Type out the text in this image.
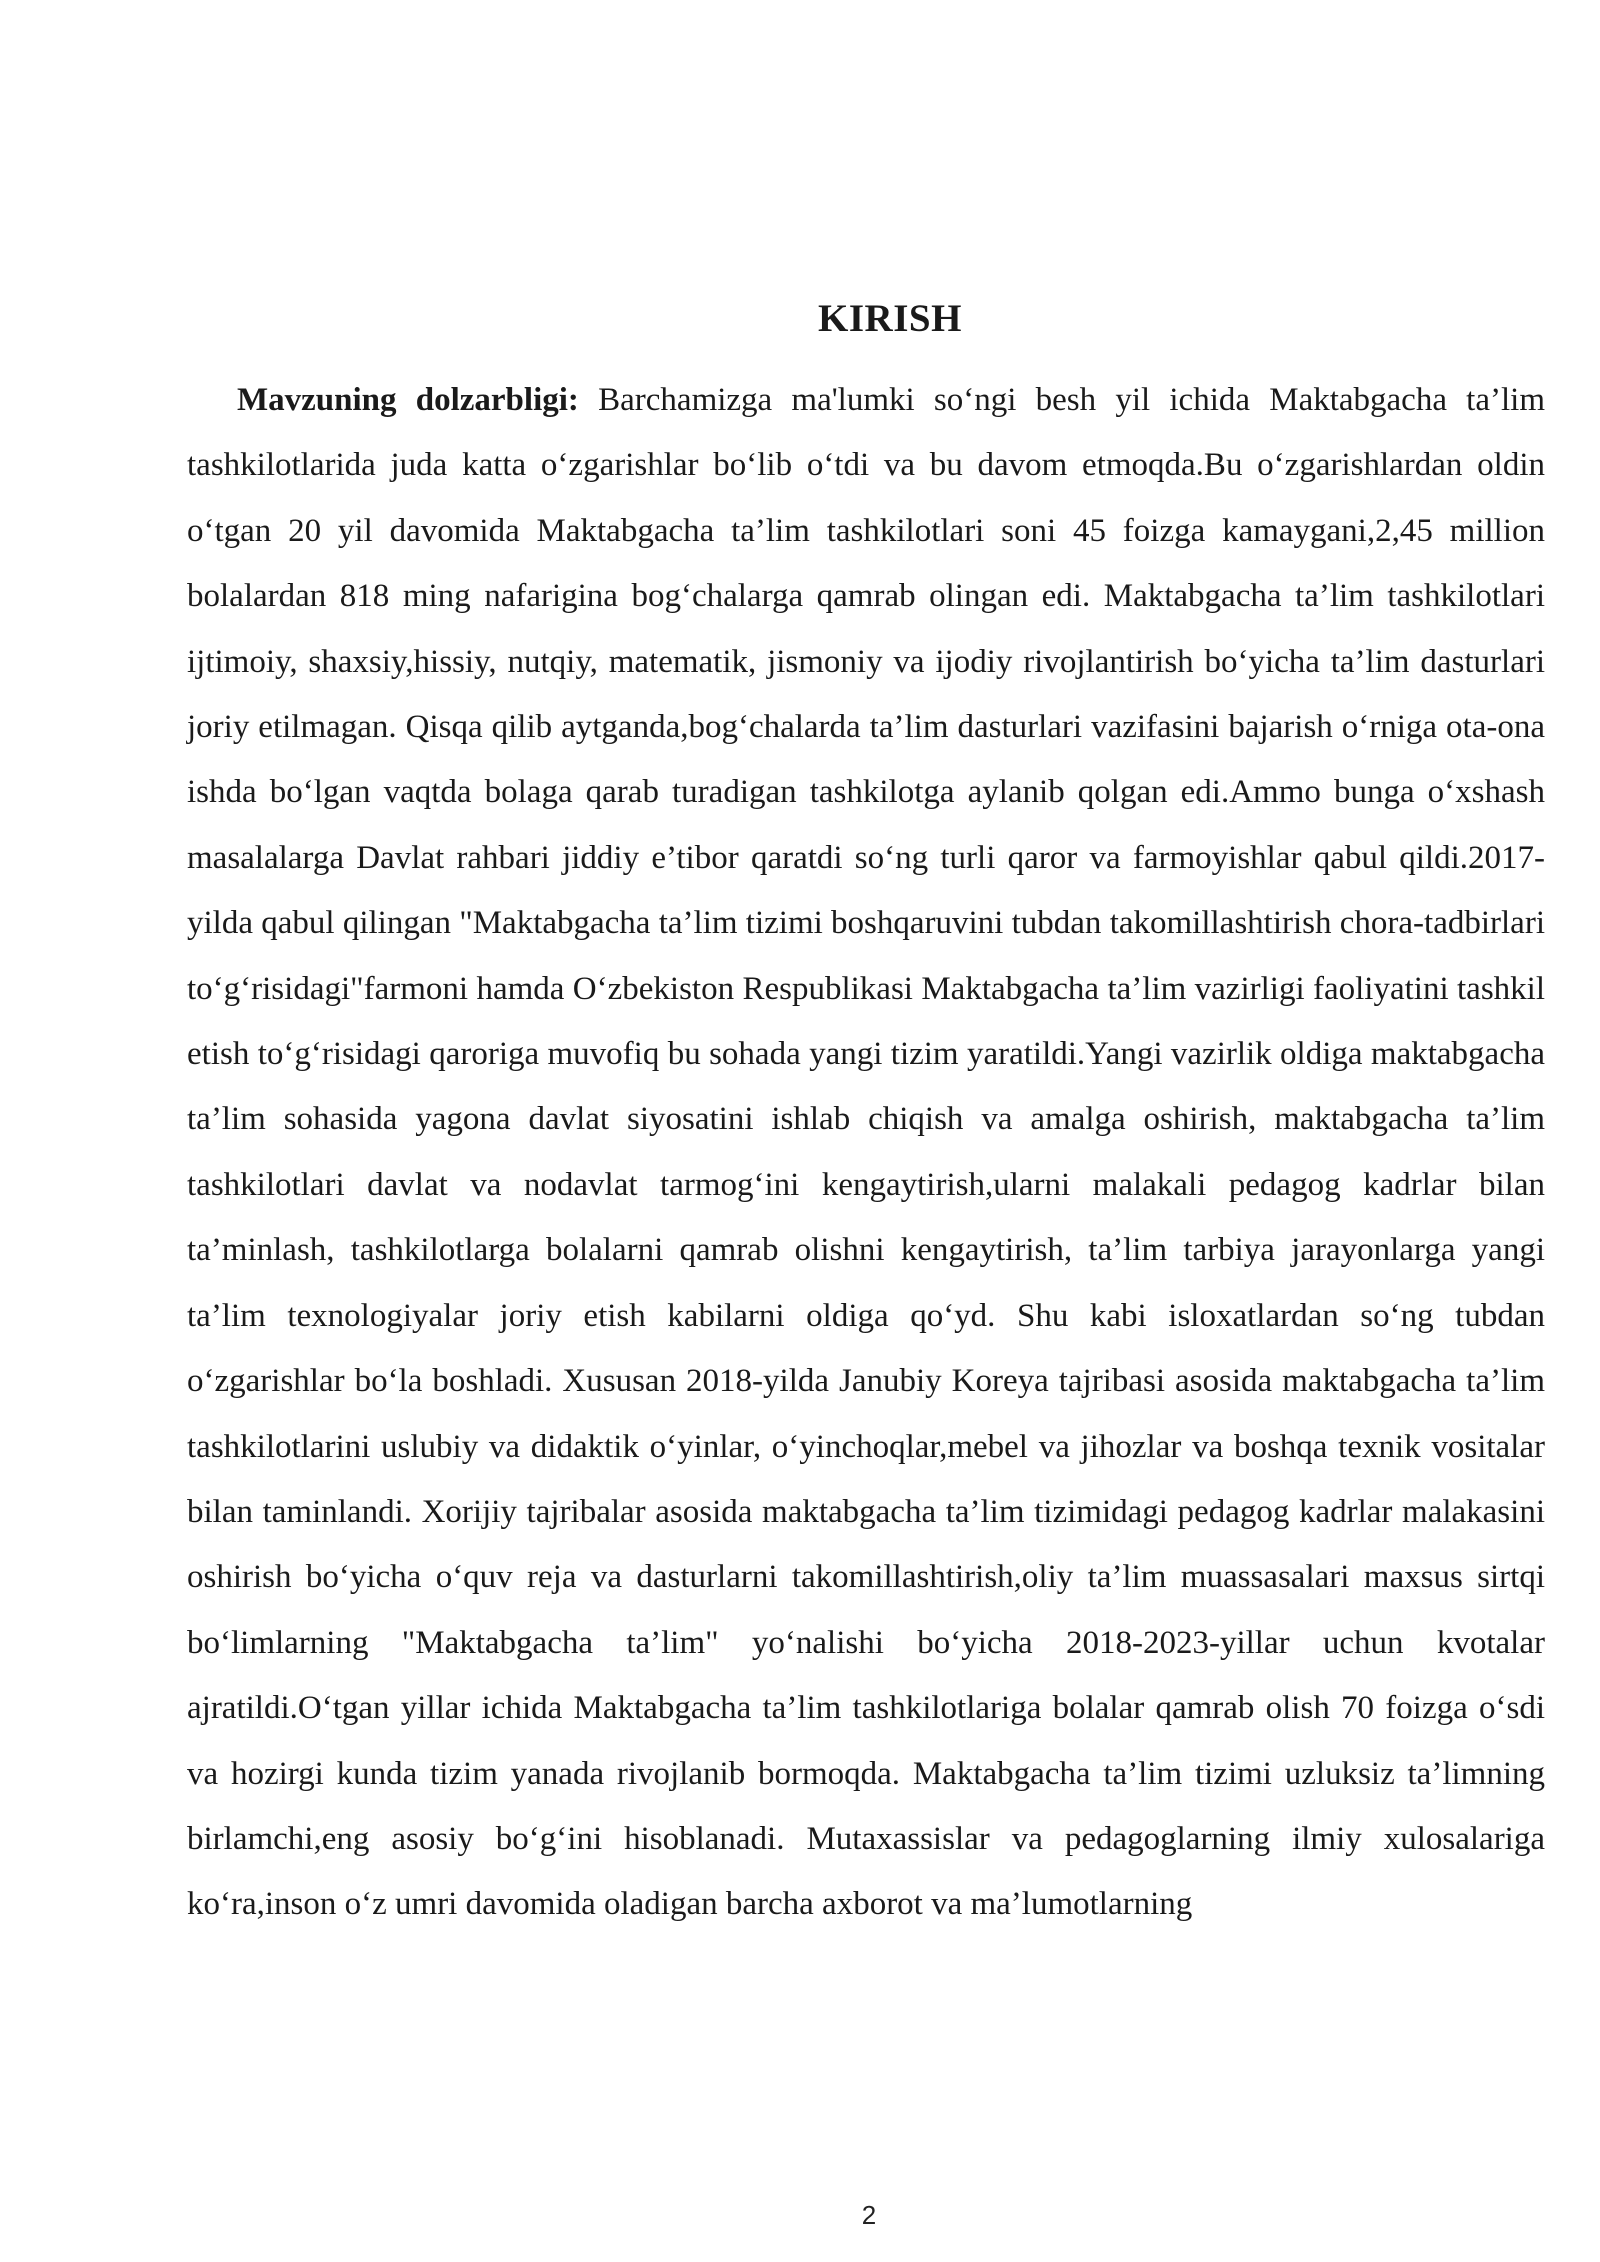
KIRISH

Mavzuning dolzarbligi: Barchamizga ma'lumki so‘ngi besh yil ichida Maktabgacha ta’lim tashkilotlarida juda katta o‘zgarishlar bo‘lib o‘tdi va bu davom etmoqda.Bu o‘zgarishlardan oldin o‘tgan 20 yil davomida Maktabgacha ta’lim tashkilotlari soni 45 foizga kamaygani,2,45 million bolalardan 818 ming nafarigina bog‘chalarga qamrab olingan edi. Maktabgacha ta’lim tashkilotlari ijtimoiy, shaxsiy,hissiy, nutqiy, matematik, jismoniy va ijodiy rivojlantirish bo‘yicha ta’lim dasturlari joriy etilmagan. Qisqa qilib aytganda,bog‘chalarda ta’lim dasturlari vazifasini bajarish o‘rniga ota-ona ishda bo‘lgan vaqtda bolaga qarab turadigan tashkilotga aylanib qolgan edi.Ammo bunga o‘xshash masalalarga Davlat rahbari jiddiy e’tibor qaratdi so‘ng turli qaror va farmoyishlar qabul qildi.2017-yilda qabul qilingan "Maktabgacha ta’lim tizimi boshqaruvini tubdan takomillashtirish chora-tadbirlari to‘g‘risidagi"farmoni hamda O‘zbekiston Respublikasi Maktabgacha ta’lim vazirligi faoliyatini tashkil etish to‘g‘risidagi qaroriga muvofiq bu sohada yangi tizim yaratildi.Yangi vazirlik oldiga maktabgacha ta’lim sohasida yagona davlat siyosatini ishlab chiqish va amalga oshirish, maktabgacha ta’lim tashkilotlari davlat va nodavlat tarmog‘ini kengaytirish,ularni malakali pedagog kadrlar bilan ta’minlash, tashkilotlarga bolalarni qamrab olishni kengaytirish, ta’lim tarbiya jarayonlarga yangi ta’lim texnologiyalar joriy etish kabilarni oldiga qo‘yd. Shu kabi isloxatlardan so‘ng tubdan o‘zgarishlar bo‘la boshladi. Xususan 2018-yilda Janubiy Koreya tajribasi asosida maktabgacha ta’lim tashkilotlarini uslubiy va didaktik o‘yinlar, o‘yinchoqlar,mebel va jihozlar va boshqa texnik vositalar bilan taminlandi. Xorijiy tajribalar asosida maktabgacha ta’lim tizimidagi pedagog kadrlar malakasini oshirish bo‘yicha o‘quv reja va dasturlarni takomillashtirish,oliy ta’lim muassasalari maxsus sirtqi bo‘limlarning "Maktabgacha ta’lim" yo‘nalishi bo‘yicha 2018-2023-yillar uchun kvotalar ajratildi.O‘tgan yillar ichida Maktabgacha ta’lim tashkilotlariga bolalar qamrab olish 70 foizga o‘sdi va hozirgi kunda tizim yanada rivojlanib bormoqda. Maktabgacha ta’lim tizimi uzluksiz ta’limning birlamchi,eng asosiy bo‘g‘ini hisoblanadi. Mutaxassislar va pedagoglarning ilmiy xulosalariga ko‘ra,inson o‘z umri davomida oladigan barcha axborot va ma’lumotlarning

2
